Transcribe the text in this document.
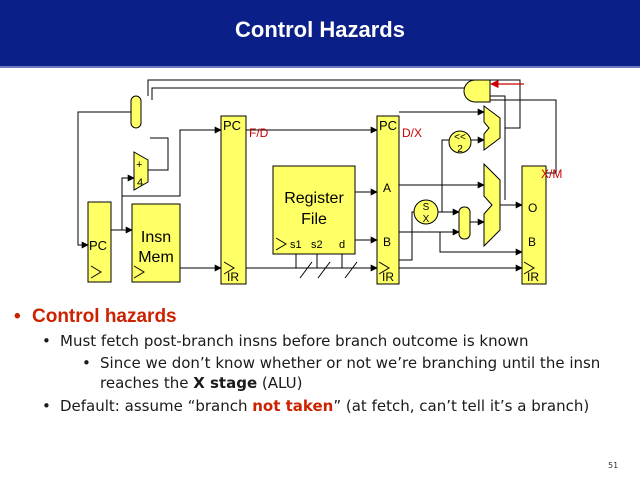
Control Hazards
PC
+
4
Insn
Mem
PC
IR
F/D
Register
File
s1 s2 d
PC
A
B
IR
D/X	<<
2
S
X
O
B
IR
X/M
• Control hazards
• Must fetch post-branch insns before branch outcome is known
• Since we don’t know whether or not we’re branching until the insn
reaches the X stage (ALU)
• Default: assume “branch not taken” (at fetch, can’t tell it’s a branch)
51
